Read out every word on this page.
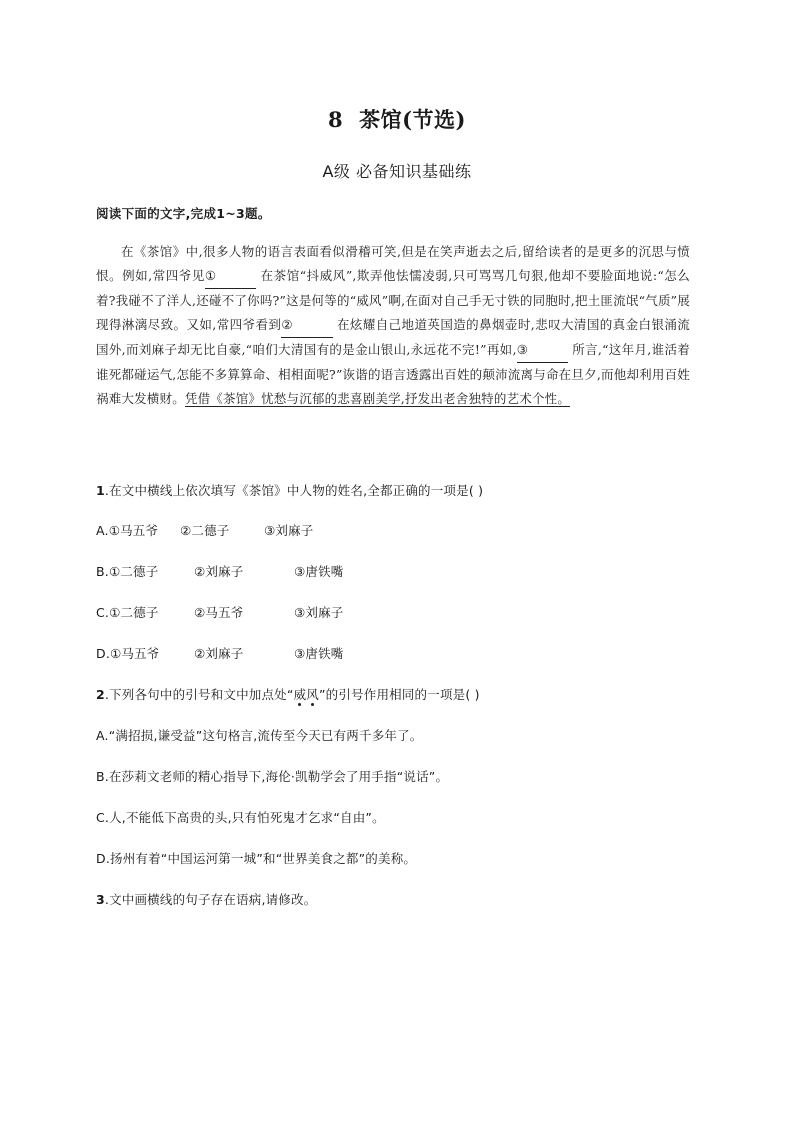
8 茶馆(节选)
A级 必备知识基础练
阅读下面的文字,完成1~3题。

在《茶馆》中,很多人物的语言表面看似滑稽可笑,但是在笑声逝去之后,留给读者的是更多的沉思与愤恨。例如,常四爷见①	在茶馆“抖威风”,欺弄他怯懦凌弱,只可骂骂几句狠,他却不要脸面地说:“怎么着?我碰不了洋人,还碰不了你吗?”这是何等的“威风”啊,在面对自己手无寸铁的同胞时,把土匪流氓“气质”展现得淋漓尽致。又如,常四爷看到②	在炫耀自己地道英国造的鼻烟壶时,悲叹大清国的真金白银涌流国外,而刘麻子却无比自豪,“咱们大清国有的是金山银山,永远花不完!”再如,③	所言,“这年月,谁活着谁死都碰运气,怎能不多算算命、相相面呢?”诙谐的语言透露出百姓的颠沛流离与命在旦夕,而他却利用百姓祸难大发横财。凭借《茶馆》忧愁与沉郁的悲喜剧美学,抒发出老舍独特的艺术个性。

1.在文中横线上依次填写《茶馆》中人物的姓名,全都正确的一项是( )
A.①马五爷	②二德子	③刘麻子
B.①二德子	②刘麻子	③唐铁嘴
C.①二德子	②马五爷	③刘麻子
D.①马五爷	②刘麻子	③唐铁嘴
2.下列各句中的引号和文中加点处“威风”的引号作用相同的一项是( )
A.“满招损,谦受益”这句格言,流传至今天已有两千多年了。
B.在莎莉文老师的精心指导下,海伦·凯勒学会了用手指“说话”。
C.人,不能低下高贵的头,只有怕死鬼才乞求“自由”。
D.扬州有着“中国运河第一城”和“世界美食之都”的美称。
3.文中画横线的句子存在语病,请修改。
